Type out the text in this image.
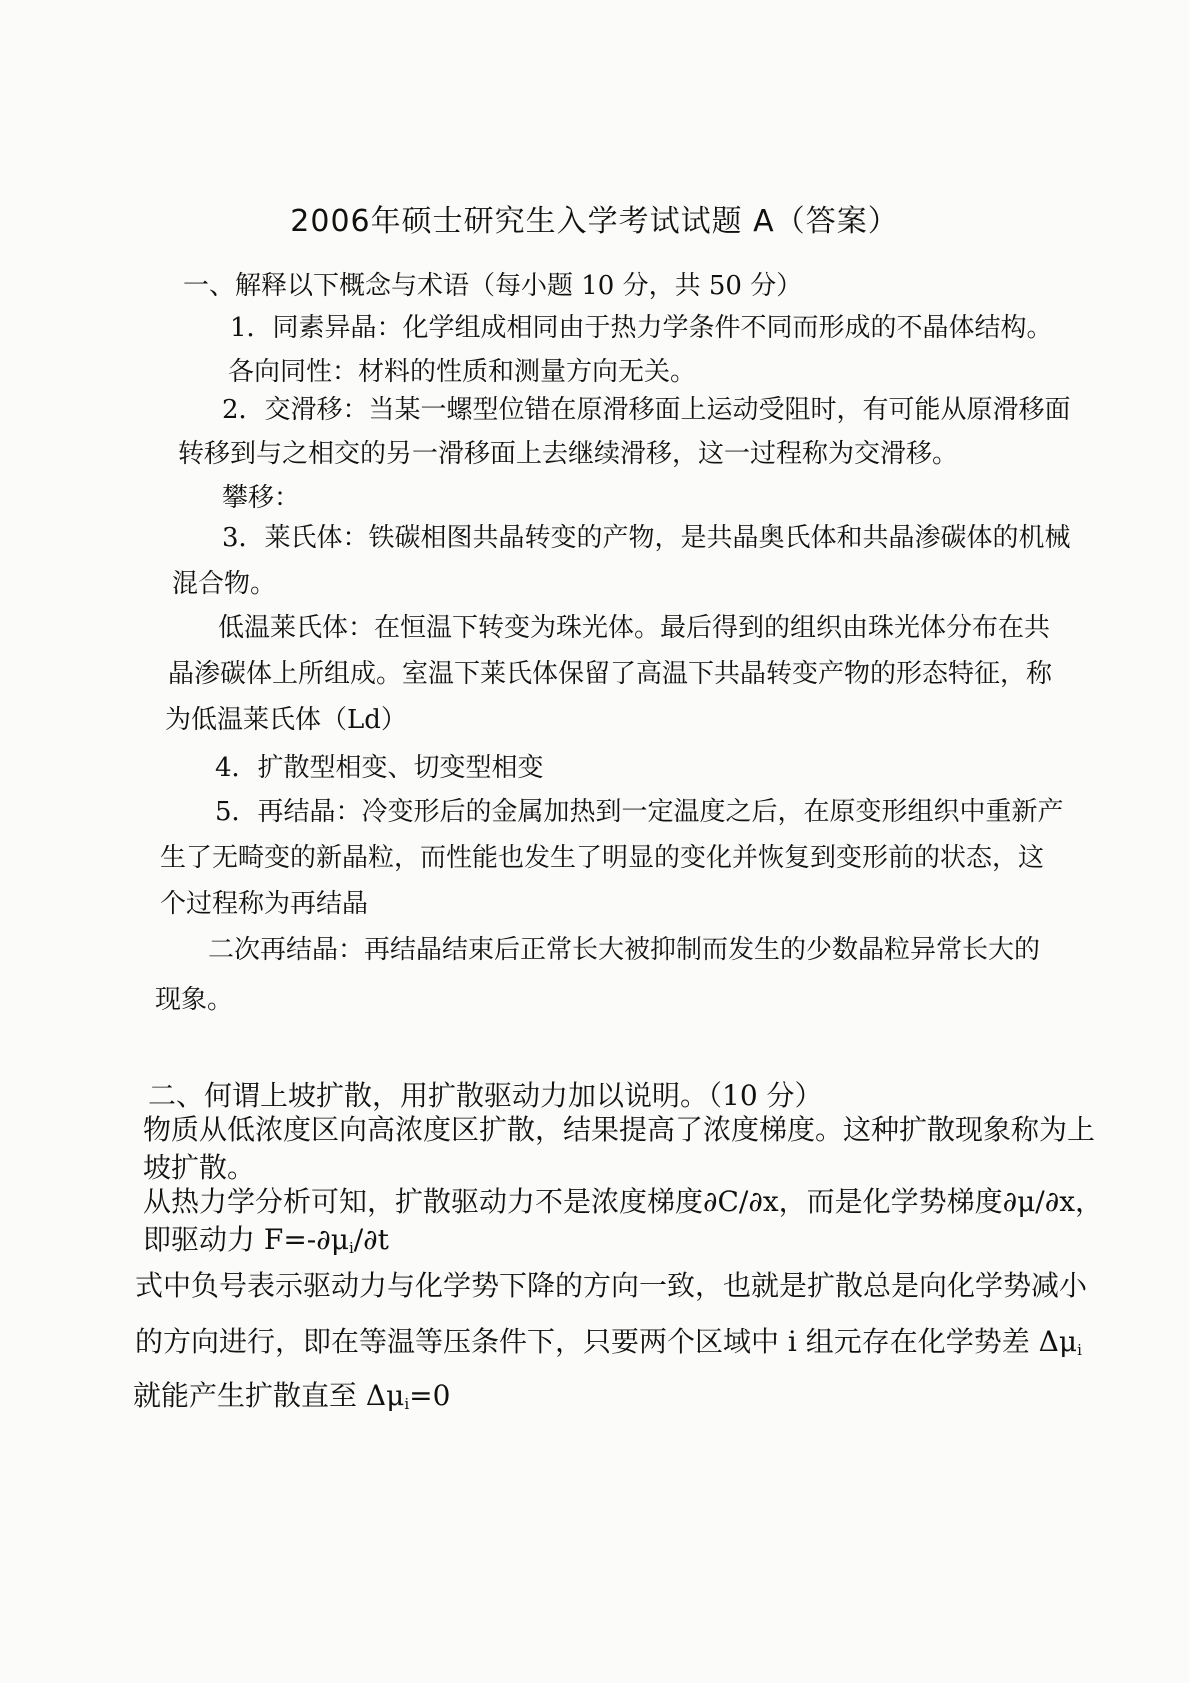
2006年硕士研究生入学考试试题 A（答案）
一、解释以下概念与术语（每小题 10 分，共 50 分）
1．同素异晶：化学组成相同由于热力学条件不同而形成的不晶体结构。
各向同性：材料的性质和测量方向无关。
2．交滑移：当某一螺型位错在原滑移面上运动受阻时，有可能从原滑移面
转移到与之相交的另一滑移面上去继续滑移，这一过程称为交滑移。
攀移：
3．莱氏体：铁碳相图共晶转变的产物，是共晶奥氏体和共晶渗碳体的机械
混合物。
低温莱氏体：在恒温下转变为珠光体。最后得到的组织由珠光体分布在共
晶渗碳体上所组成。室温下莱氏体保留了高温下共晶转变产物的形态特征，称
为低温莱氏体（Ld）
4．扩散型相变、切变型相变
5．再结晶：冷变形后的金属加热到一定温度之后，在原变形组织中重新产
生了无畸变的新晶粒，而性能也发生了明显的变化并恢复到变形前的状态，这
个过程称为再结晶
二次再结晶：再结晶结束后正常长大被抑制而发生的少数晶粒异常长大的
现象。
二、何谓上坡扩散，用扩散驱动力加以说明。（10 分）
物质从低浓度区向高浓度区扩散，结果提高了浓度梯度。这种扩散现象称为上
坡扩散。
从热力学分析可知，扩散驱动力不是浓度梯度∂C/∂x，而是化学势梯度∂μ/∂x，
即驱动力 $F=-\partial\mu_i/\partial t$
式中负号表示驱动力与化学势下降的方向一致，也就是扩散总是向化学势减小
的方向进行，即在等温等压条件下，只要两个区域中 i 组元存在化学势差 $\Delta\mu_i$
就能产生扩散直至 $\Delta\mu_i=0$
